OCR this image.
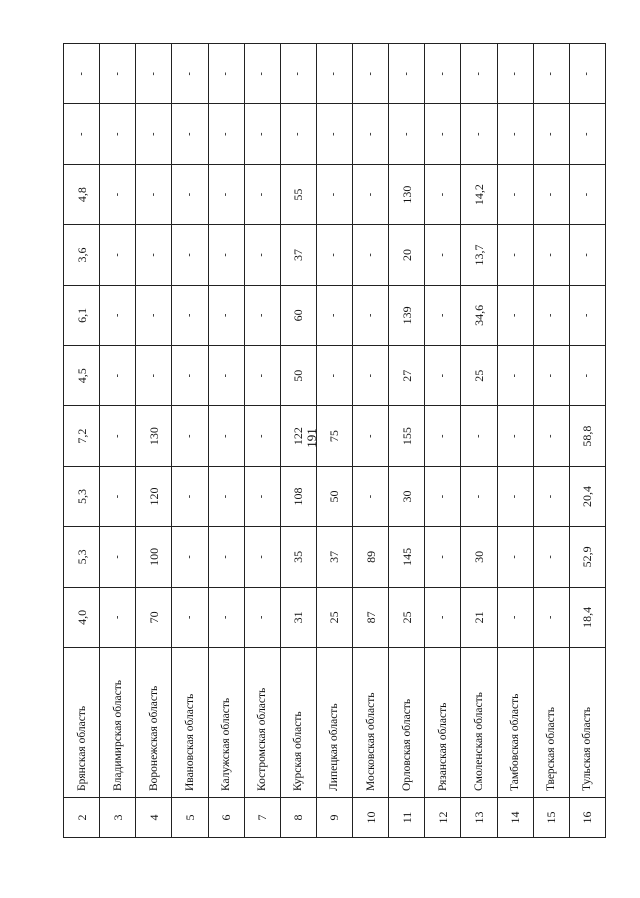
191
2	Брянская область	4,0	5,3	5,3	7,2	4,5	6,1	3,6	4,8	-	-
3	Владимирская область	-	-	-	-	-	-	-	-	-	-
4	Воронежская область	70	100	120	130	-	-	-	-	-	-
5	Ивановская область	-	-	-	-	-	-	-	-	-	-
6	Калужская область	-	-	-	-	-	-	-	-	-	-
7	Костромская область	-	-	-	-	-	-	-	-	-	-
8	Курская область	31	35	108	122	50	60	37	55	-	-
9	Липецкая область	25	37	50	75	-	-	-	-	-	-
10	Московская область	87	89	-	-	-	-	-	-	-	-
11	Орловская область	25	145	30	155	27	139	20	130	-	-
12	Рязанская область	-	-	-	-	-	-	-	-	-	-
13	Смоленская область	21	30	-	-	25	34,6	13,7	14,2	-	-
14	Тамбовская область	-	-	-	-	-	-	-	-	-	-
15	Тверская область	-	-	-	-	-	-	-	-	-	-
16	Тульская область	18,4	52,9	20,4	58,8	-	-	-	-	-	-
